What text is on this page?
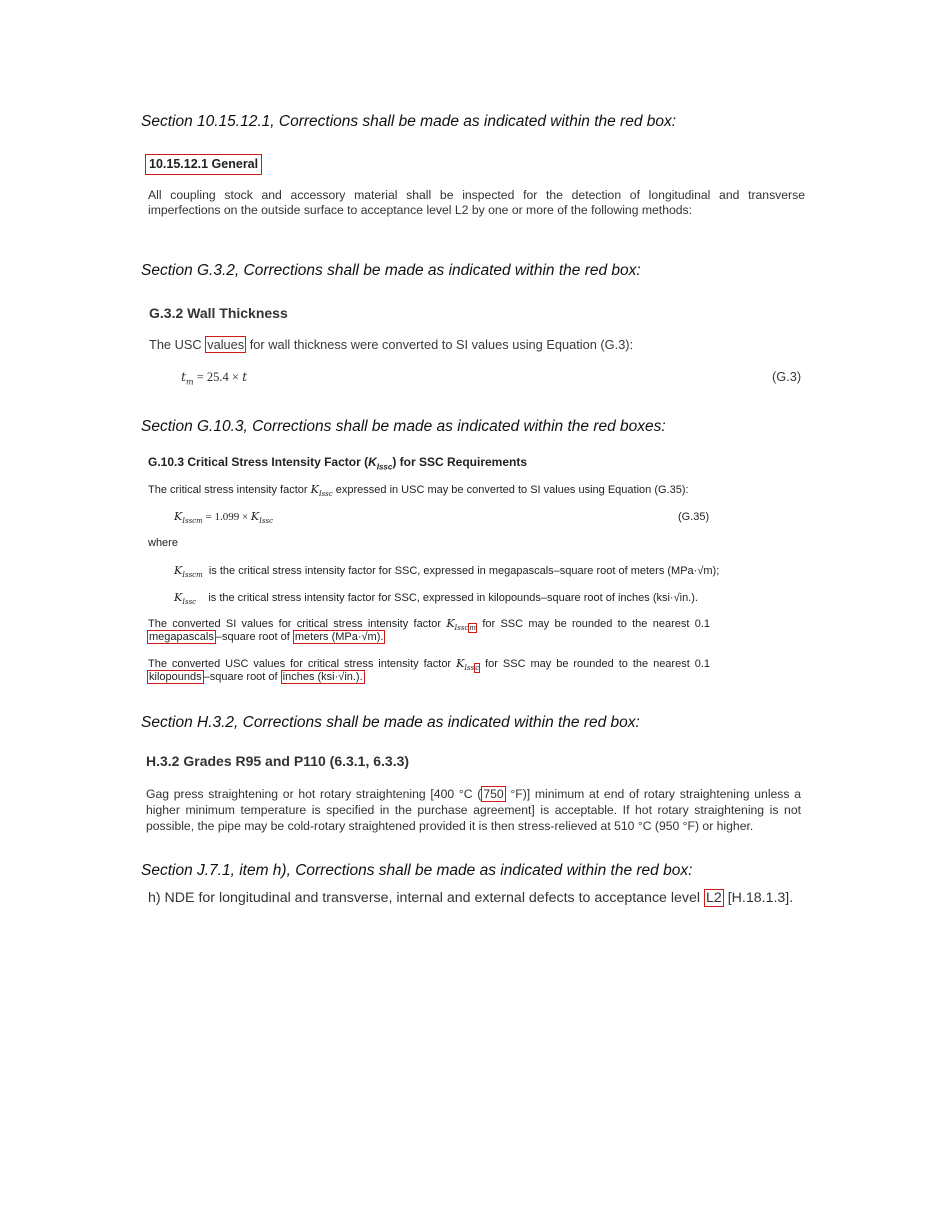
Section 10.15.12.1, Corrections shall be made as indicated within the red box:
10.15.12.1 General
All coupling stock and accessory material shall be inspected for the detection of longitudinal and transverse
imperfections on the outside surface to acceptance level L2 by one or more of the following methods:
Section G.3.2, Corrections shall be made as indicated within the red box:
G.3.2 Wall Thickness
The USC values for wall thickness were converted to SI values using Equation (G.3):
$t_m = 25.4 \times t$	(G.3)
Section G.10.3, Corrections shall be made as indicated within the red boxes:
G.10.3 Critical Stress Intensity Factor $(K_{Issc})$ for SSC Requirements
The critical stress intensity factor $K_{Issc}$ expressed in USC may be converted to SI values using Equation (G.35):
$K_{Isscm} = 1.099 \times K_{Issc}$	(G.35)
where
$K_{Isscm}$ is the critical stress intensity factor for SSC, expressed in megapascals–square root of meters (MPa·√m);
$K_{Issc}$ is the critical stress intensity factor for SSC, expressed in kilopounds–square root of inches (ksi·√in.).
The converted SI values for critical stress intensity factor $K_{Isscm}$ for SSC may be rounded to the nearest 0.1
megapascals –square root of meters (MPa·√m).
The converted USC values for critical stress intensity factor $K_{Issc}$ for SSC may be rounded to the nearest 0.1
kilopounds –square root of inches (ksi·√in.).
Section H.3.2, Corrections shall be made as indicated within the red box:
H.3.2 Grades R95 and P110 (6.3.1, 6.3.3)
Gag press straightening or hot rotary straightening [400 °C ( 750 °F)] minimum at end of rotary straightening unless a
higher minimum temperature is specified in the purchase agreement] is acceptable. If hot rotary straightening is not
possible, the pipe may be cold-rotary straightened provided it is then stress-relieved at 510 °C (950 °F) or higher.
Section J.7.1, item h), Corrections shall be made as indicated within the red box:
h) NDE for longitudinal and transverse, internal and external defects to acceptance level L2 [H.18.1.3].
